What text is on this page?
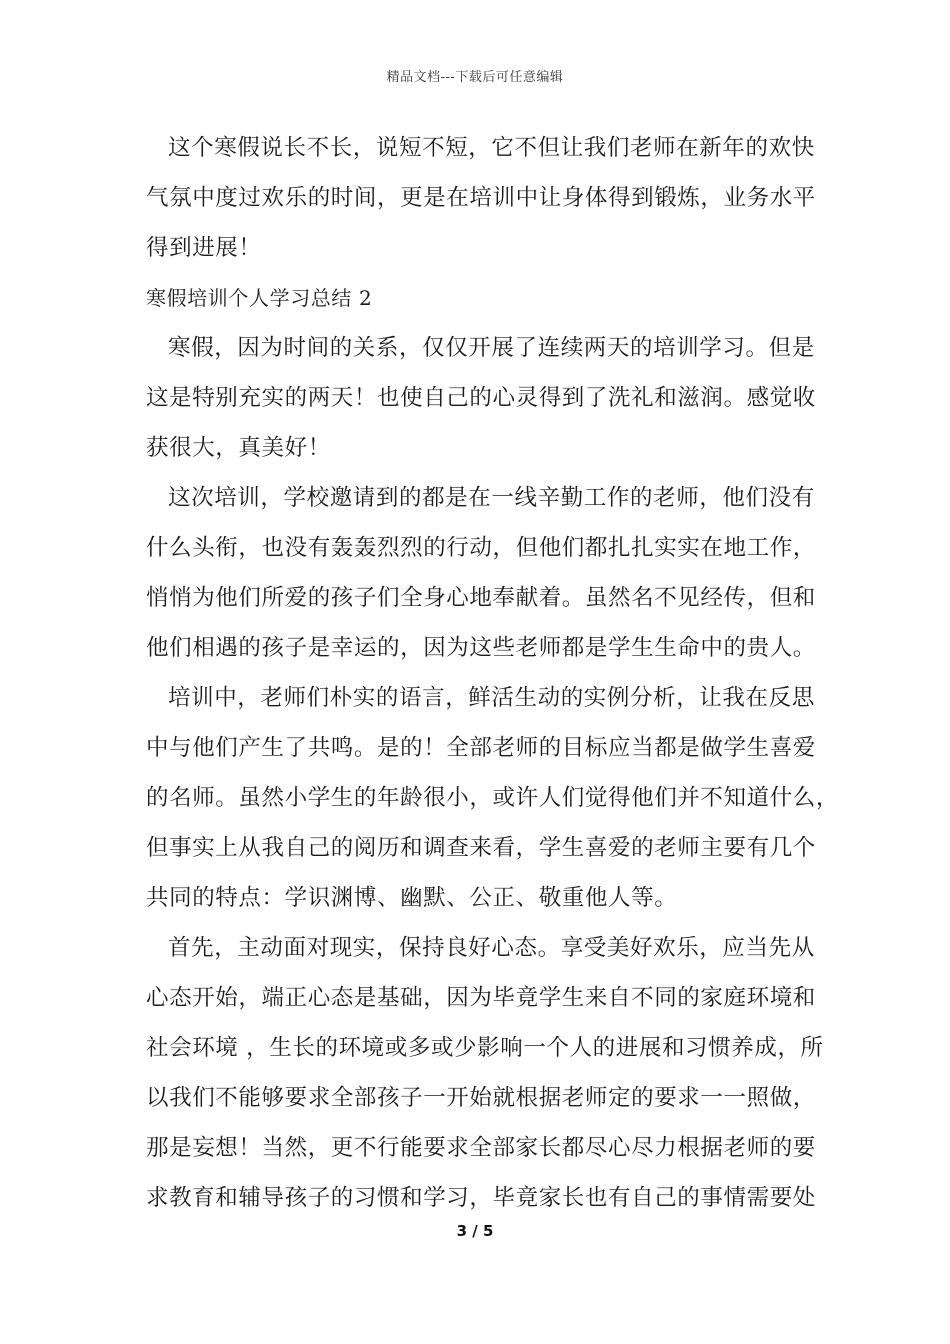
精品文档---下载后可任意编辑
这个寒假说长不长，说短不短，它不但让我们老师在新年的欢快
气氛中度过欢乐的时间，更是在培训中让身体得到锻炼，业务水平
得到进展！
寒假培训个人学习总结 2
寒假，因为时间的关系，仅仅开展了连续两天的培训学习。但是
这是特别充实的两天！也使自己的心灵得到了洗礼和滋润。感觉收
获很大，真美好！
这次培训，学校邀请到的都是在一线辛勤工作的老师，他们没有
什么头衔，也没有轰轰烈烈的行动，但他们都扎扎实实在地工作，
悄悄为他们所爱的孩子们全身心地奉献着。虽然名不见经传，但和
他们相遇的孩子是幸运的，因为这些老师都是学生生命中的贵人。
培训中，老师们朴实的语言，鲜活生动的实例分析，让我在反思
中与他们产生了共鸣。是的！全部老师的目标应当都是做学生喜爱
的名师。虽然小学生的年龄很小，或许人们觉得他们并不知道什么，
但事实上从我自己的阅历和调查来看，学生喜爱的老师主要有几个
共同的特点：学识渊博、幽默、公正、敬重他人等。
首先，主动面对现实，保持良好心态。享受美好欢乐，应当先从
心态开始，端正心态是基础，因为毕竟学生来自不同的家庭环境和
社会环境 ，生长的环境或多或少影响一个人的进展和习惯养成，所
以我们不能够要求全部孩子一开始就根据老师定的要求一一照做，
那是妄想！当然，更不行能要求全部家长都尽心尽力根据老师的要
求教育和辅导孩子的习惯和学习，毕竟家长也有自己的事情需要处
3 / 5
